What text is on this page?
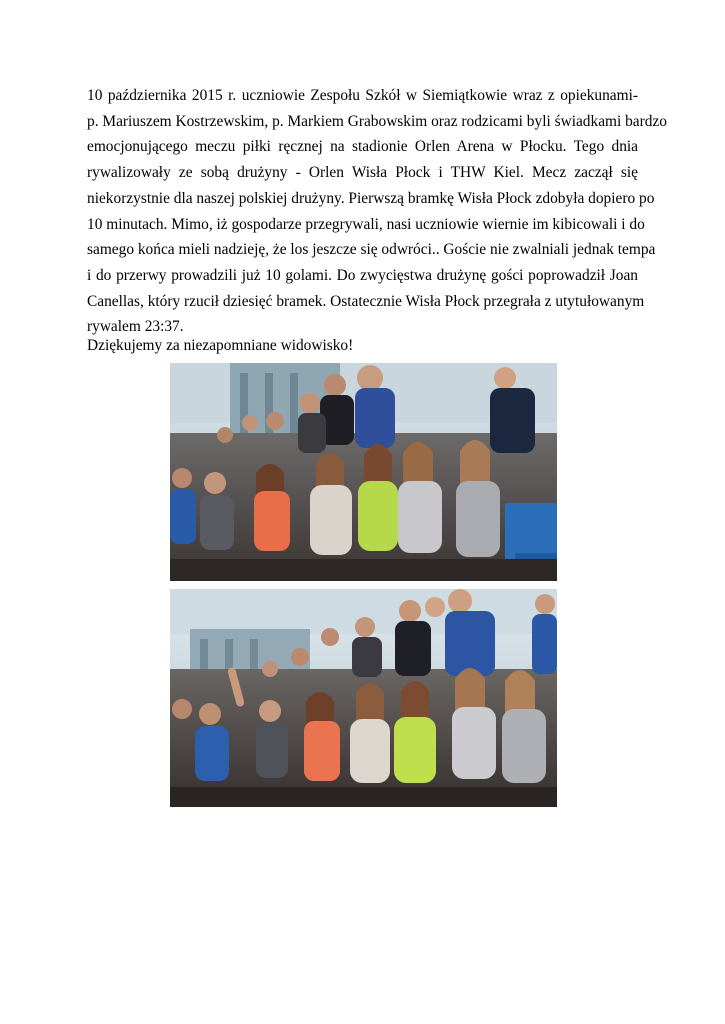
10 października 2015 r. uczniowie Zespołu Szkół w Siemiątkowie wraz z opiekunami-
p. Mariuszem Kostrzewskim, p. Markiem Grabowskim oraz rodzicami byli świadkami bardzo
emocjonującego meczu piłki ręcznej na stadionie Orlen Arena w Płocku. Tego dnia
rywalizowały ze sobą drużyny - Orlen Wisła Płock i THW Kiel. Mecz zaczął się
niekorzystnie dla naszej polskiej drużyny. Pierwszą bramkę Wisła Płock zdobyła dopiero po
10 minutach. Mimo, iż gospodarze przegrywali, nasi uczniowie wiernie im kibicowali i do
samego końca mieli nadzieję, że los jeszcze się odwróci.. Goście nie zwalniali jednak tempa
i do przerwy prowadzili już 10 golami. Do zwycięstwa drużynę gości poprowadził Joan
Canellas, który rzucił dziesięć bramek. Ostatecznie Wisła Płock przegrała z utytułowanym
rywalem 23:37.

Dziękujemy za niezapomniane widowisko!
